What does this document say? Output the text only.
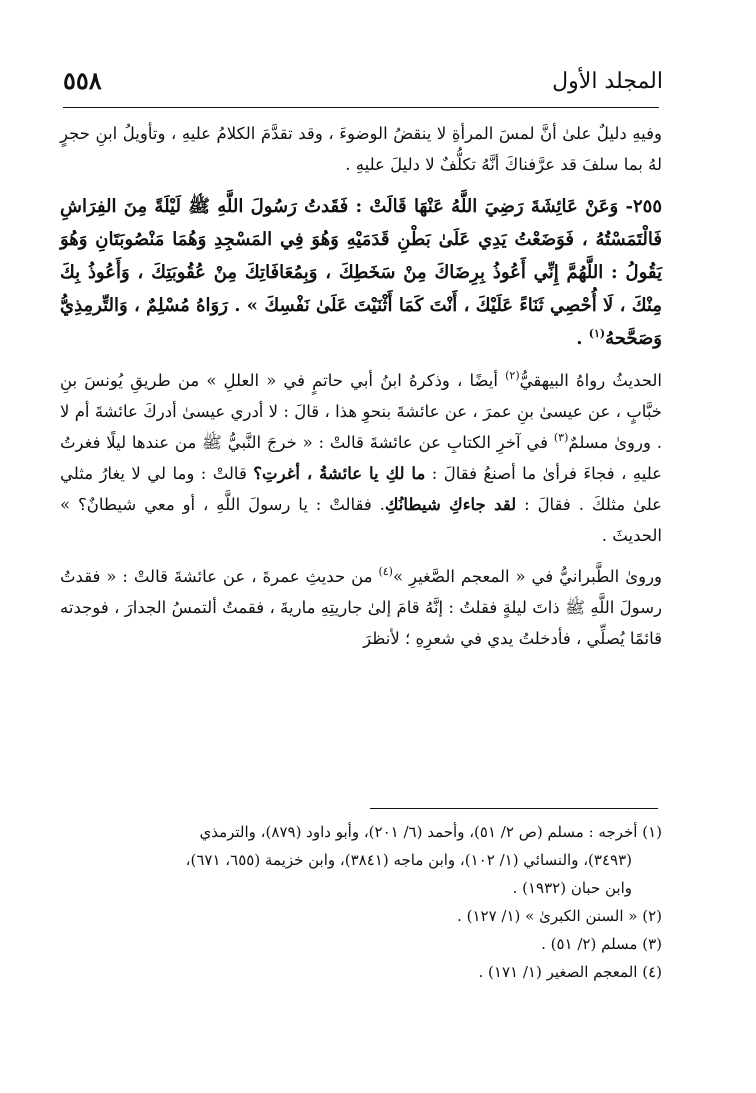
المجلد الأول
٥٥٨

وفيهِ دليلٌ علىٰ أنَّ لمسَ المرأةِ لا ينقضُ الوضوءَ ، وقد تقدَّمَ الكلامُ عليهِ ، وتأويلُ ابنِ حجرٍ لهُ بما سلفَ قد عرَّفناكَ أنَّهُ تكلُّفٌ لا دليلَ عليهِ .

٢٥٥- وَعَنْ عَائِشَةَ رَضِيَ اللَّهُ عَنْهَا قَالَتْ : فَقَدتُ رَسُولَ اللَّهِ ﷺ لَيْلَةً مِنَ الفِرَاشِ فَالْتَمَسْتُهُ ، فَوَضَعْتُ يَدِي عَلَىٰ بَطْنِ قَدَمَيْهِ وَهُوَ فِي المَسْجِدِ وَهُمَا مَنْصُوبَتَانِ وَهُوَ يَقُولُ : اللَّهُمَّ إِنِّي أَعُوذُ بِرِضَاكَ مِنْ سَخَطِكَ ، وَبِمُعَافَاتِكَ مِنْ عُقُوبَتِكَ ، وَأَعُوذُ بِكَ مِنْكَ ، لَا أُحْصِي ثَنَاءً عَلَيْكَ ، أَنْتَ كَمَا أَثْنَيْتَ عَلَىٰ نَفْسِكَ » . رَوَاهُ مُسْلِمٌ ، وَالتِّرمِذِيُّ وَصَحَّحهُ$^{(١)}$ .

الحديثُ رواهُ البيهقيُّ$^{(٢)}$ أيضًا ، وذكرهُ ابنُ أبي حاتمٍ في « العللِ » من طريقِ يُونسَ بنِ خبَّابٍ ، عن عيسىٰ بنِ عمرَ ، عن عائشةَ بنحوِ هذا ، قالَ : لا أدري عيسىٰ أدركَ عائشةَ أم لا . وروىٰ مسلمٌ$^{(٣)}$ في آخرِ الكتابِ عن عائشةَ قالتْ : « خرجَ النَّبيُّ ﷺ من عندها ليلًا فغرتُ عليهِ ، فجاءَ فرأىٰ ما أصنعُ فقالَ : ما لكِ يا عائشةُ ، أغرتِ؟ قالتْ : وما لي لا يغارُ مثلي علىٰ مثلكَ . فقالَ : لقد جاءكِ شيطانُكِ. فقالتْ : يا رسولَ اللَّهِ ، أو معي شيطانٌ؟ » الحديثَ .

وروىٰ الطَّبرانيُّ في « المعجم الصَّغيرِ »$^{(٤)}$ من حديثِ عمرةَ ، عن عائشةَ قالتْ : « فقدتُ رسولَ اللَّهِ ﷺ ذاتَ ليلةٍ فقلتُ : إنَّهُ قامَ إلىٰ جاريتِهِ ماريةَ ، فقمتُ ألتمسُ الجدارَ ، فوجدته قائمًا يُصلِّي ، فأدخلتُ يدي في شعرِهِ ؛ لأنظرَ

(١) أخرجه : مسلم (ص ٢/ ٥١)، وأحمد (٦/ ٢٠١)، وأبو داود (٨٧٩)، والترمذي
(٣٤٩٣)، والنسائي (١/ ١٠٢)، وابن ماجه (٣٨٤١)، وابن خزيمة (٦٥٥، ٦٧١)،
وابن حبان (١٩٣٢) .

(٢) « السنن الكبرىٰ » (١/ ١٢٧) .

(٣) مسلم (٢/ ٥١) .

(٤) المعجم الصغير (١/ ١٧١) .
